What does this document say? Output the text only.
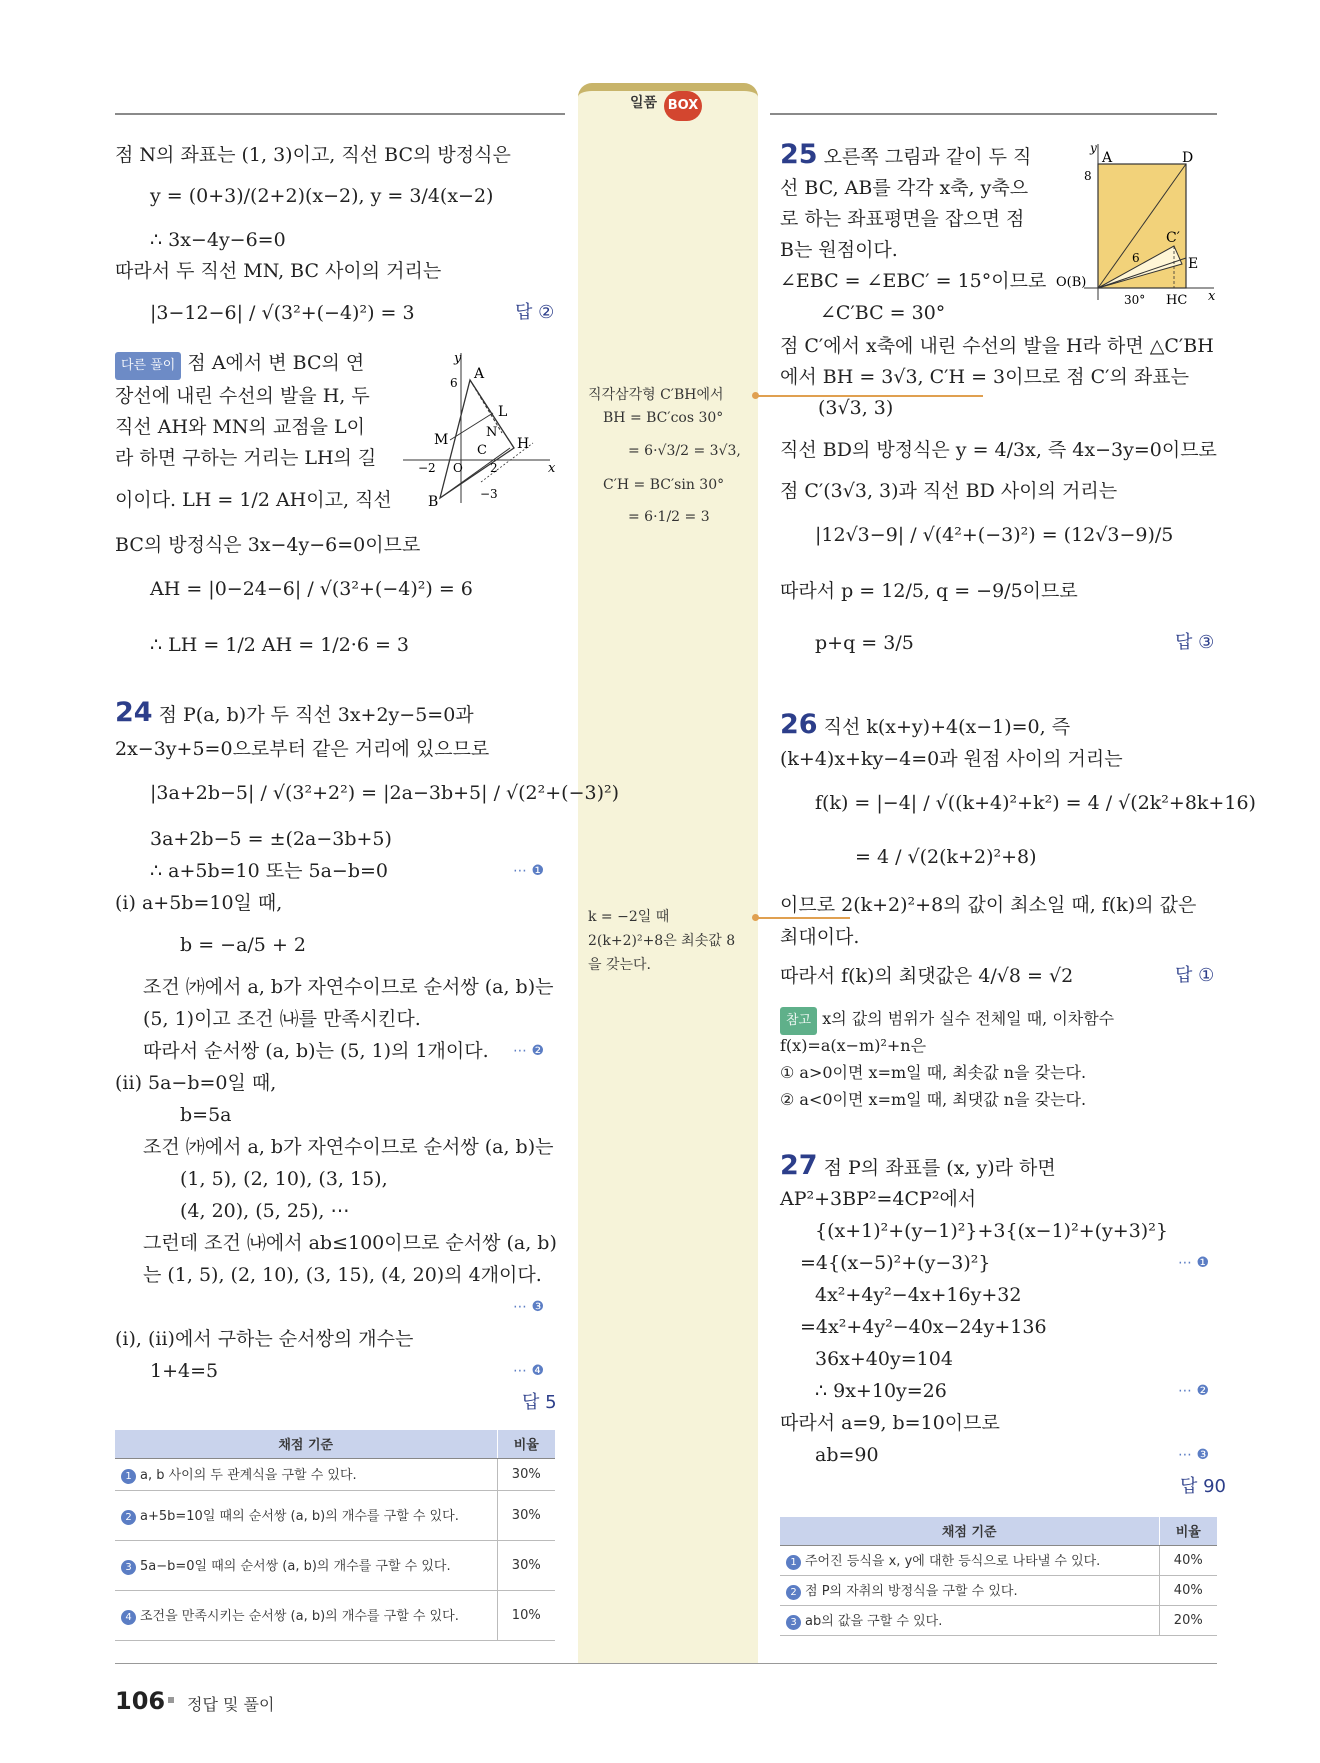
일품 BOX
점 N의 좌표는 (1, 3)이고, 직선 BC의 방정식은
y = (0+3)/(2+2)(x−2), y = 3/4(x−2)
∴ 3x−4y−6=0
따라서 두 직선 MN, BC 사이의 거리는
|3−12−6| / √(3²+(−4)²) = 3	답 ②
다른 풀이 점 A에서 변 BC의 연
장선에 내린 수선의 발을 H, 두
직선 AH와 MN의 교점을 L이
라 하면 구하는 거리는 LH의 길
이이다. LH = 1/2 AH이고, 직선
BC의 방정식은 3x−4y−6=0이므로
AH = |0−24−6| / √(3²+(−4)²) = 6
∴ LH = 1/2 AH = 1/2·6 = 3
y
x
A
6
L
M	N
C H
−2 O 2
B	−3
24 점 P(a, b)가 두 직선 3x+2y−5=0과
2x−3y+5=0으로부터 같은 거리에 있으므로
|3a+2b−5| / √(3²+2²) = |2a−3b+5| / √(2²+(−3)²)
3a+2b−5 = ±(2a−3b+5)
∴ a+5b=10 또는 5a−b=0	⋯ ❶
(i) a+5b=10일 때,
b = −a/5 + 2
조건 ㈎에서 a, b가 자연수이므로 순서쌍 (a, b)는
(5, 1)이고 조건 ㈏를 만족시킨다.
따라서 순서쌍 (a, b)는 (5, 1)의 1개이다. ⋯ ❷
(ii) 5a−b=0일 때,
b=5a
조건 ㈎에서 a, b가 자연수이므로 순서쌍 (a, b)는
(1, 5), (2, 10), (3, 15),
(4, 20), (5, 25), ⋯
그런데 조건 ㈏에서 ab≤100이므로 순서쌍 (a, b)
는 (1, 5), (2, 10), (3, 15), (4, 20)의 4개이다.
⋯ ❸
(i), (ii)에서 구하는 순서쌍의 개수는
1+4=5	⋯ ❹
답 5
채점 기준	비율
1 a, b 사이의 두 관계식을 구할 수 있다.	30%
2 a+5b=10일 때의 순서쌍 (a, b)의 개수를 구할 수 있다.	30%
3 5a−b=0일 때의 순서쌍 (a, b)의 개수를 구할 수 있다.	30%
4 조건을 만족시키는 순서쌍 (a, b)의 개수를 구할 수 있다.	10%
직각삼각형 C′BH에서
BH = BC′cos 30°
= 6·√3/2 = 3√3,
C′H = BC′sin 30°
= 6·1/2 = 3
k = −2일 때
2(k+2)²+8은 최솟값 8
을 갖는다.
25 오른쪽 그림과 같이 두 직
선 BC, AB를 각각 x축, y축으
로 하는 좌표평면을 잡으면 점
B는 원점이다.
∠EBC = ∠EBC′ = 15°이므로
∠C′BC = 30°
점 C′에서 x축에 내린 수선의 발을 H라 하면 △C′BH
에서 BH = 3√3, C′H = 3이므로 점 C′의 좌표는
(3√3, 3)
직선 BD의 방정식은 y = 4/3x, 즉 4x−3y=0이므로
점 C′(3√3, 3)과 직선 BD 사이의 거리는
|12√3−9| / √(4²+(−3)²) = (12√3−9)/5
따라서 p = 12/5, q = −9/5이므로
p+q = 3/5	답 ③
y
8
A	D
C′
6	E
O(B)
30° HC x
26 직선 k(x+y)+4(x−1)=0, 즉
(k+4)x+ky−4=0과 원점 사이의 거리는
f(k) = |−4| / √((k+4)²+k²) = 4 / √(2k²+8k+16)
= 4 / √(2(k+2)²+8)
이므로 2(k+2)²+8의 값이 최소일 때, f(k)의 값은
최대이다.
따라서 f(k)의 최댓값은 4/√8 = √2	답 ①
참고 x의 값의 범위가 실수 전체일 때, 이차함수
f(x)=a(x−m)²+n은
① a>0이면 x=m일 때, 최솟값 n을 갖는다.
② a<0이면 x=m일 때, 최댓값 n을 갖는다.
27 점 P의 좌표를 (x, y)라 하면
AP²+3BP²=4CP²에서
{(x+1)²+(y−1)²}+3{(x−1)²+(y+3)²}
=4{(x−5)²+(y−3)²}	⋯ ❶
4x²+4y²−4x+16y+32
=4x²+4y²−40x−24y+136
36x+40y=104
∴ 9x+10y=26	⋯ ❷
따라서 a=9, b=10이므로
ab=90	⋯ ❸
답 90
채점 기준	비율
1 주어진 등식을 x, y에 대한 등식으로 나타낼 수 있다.	40%
2 점 P의 자취의 방정식을 구할 수 있다.	40%
3 ab의 값을 구할 수 있다.	20%
106 정답 및 풀이
